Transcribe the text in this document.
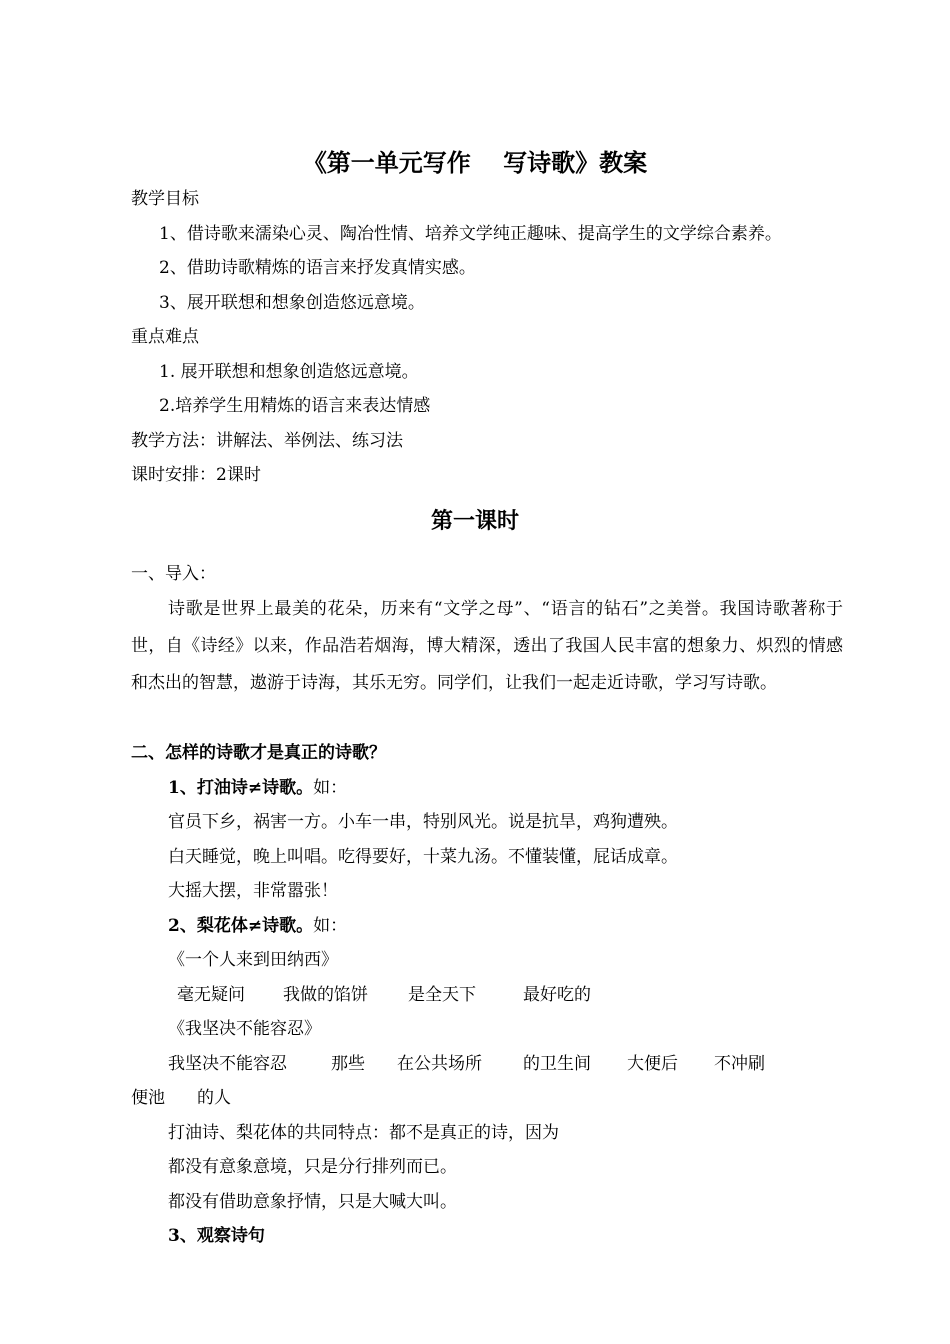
《第一单元写作　 写诗歌》教案
教学目标
1、借诗歌来濡染心灵、陶冶性情、培养文学纯正趣味、提高学生的文学综合素养。
2、借助诗歌精炼的语言来抒发真情实感。
3、展开联想和想象创造悠远意境。
重点难点
1. 展开联想和想象创造悠远意境。
2.培养学生用精炼的语言来表达情感
教学方法：讲解法、举例法、练习法
课时安排：2课时
第一课时
一、导入：
诗歌是世界上最美的花朵，历来有“文学之母”、“语言的钻石”之美誉。我国诗歌著称于世，自《诗经》以来，作品浩若烟海，博大精深，透出了我国人民丰富的想象力、炽烈的情感和杰出的智慧，遨游于诗海，其乐无穷。同学们，让我们一起走近诗歌，学习写诗歌。
二、怎样的诗歌才是真正的诗歌？
1、打油诗≠诗歌。如：
官员下乡，祸害一方。小车一串，特别风光。说是抗旱，鸡狗遭殃。
白天睡觉，晚上叫唱。吃得要好，十菜九汤。不懂装懂，屁话成章。
大摇大摆，非常嚣张！
2、梨花体≠诗歌。如：
《一个人来到田纳西》
毫无疑问 我做的馅饼 是全天下	最好吃的
《我坚决不能容忍》
我坚决不能容忍	那些 在公共场所 的卫生间 大便后 不冲刷
便池 的人
打油诗、梨花体的共同特点：都不是真正的诗，因为
都没有意象意境，只是分行排列而已。
都没有借助意象抒情，只是大喊大叫。
3、观察诗句
